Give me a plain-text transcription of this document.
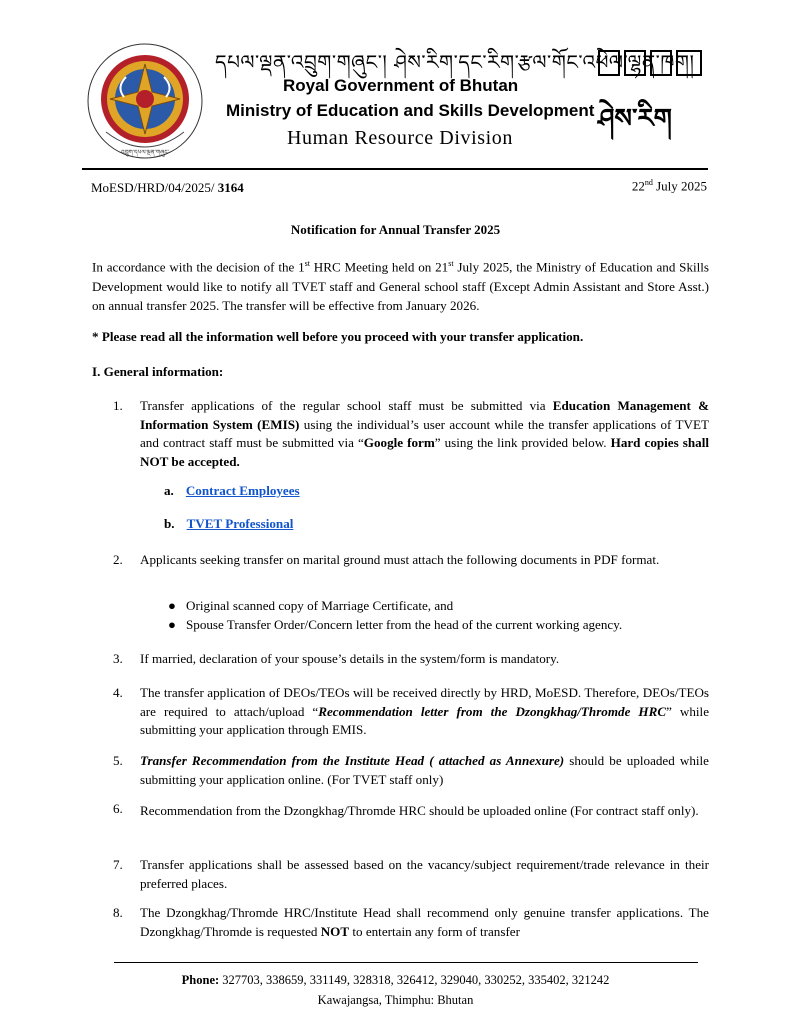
འབྲུག་དཔལ་ལྡན་གཞུང་
དཔལ་ལྡན་འབྲུག་གཞུང་། ཤེས་རིག་དང་རིག་རྩལ་གོང་འཕེལ་ལྷན་ཁག།
Royal Government of Bhutan
Ministry of Education and Skills Development
Human Resource Division
ཤེས་རིག
MoESD/HRD/04/2025/ 3164	22nd July 2025
Notification for Annual Transfer 2025
In accordance with the decision of the 1st HRC Meeting held on 21st July 2025, the Ministry of Education and Skills Development would like to notify all TVET staff and General school staff (Except Admin Assistant and Store Asst.) on annual transfer 2025. The transfer will be effective from January 2026.
* Please read all the information well before you proceed with your transfer application.
I. General information:
1. Transfer applications of the regular school staff must be submitted via Education Management & Information System (EMIS) using the individual’s user account while the transfer applications of TVET and contract staff must be submitted via “Google form” using the link provided below. Hard copies shall NOT be accepted.
a. Contract Employees
b. TVET Professional
2. Applicants seeking transfer on marital ground must attach the following documents in PDF format.
● Original scanned copy of Marriage Certificate, and
● Spouse Transfer Order/Concern letter from the head of the current working agency.
3. If married, declaration of your spouse’s details in the system/form is mandatory.
4. The transfer application of DEOs/TEOs will be received directly by HRD, MoESD. Therefore, DEOs/TEOs are required to attach/upload “Recommendation letter from the Dzongkhag/Thromde HRC” while submitting your application through EMIS.
5. Transfer Recommendation from the Institute Head ( attached as Annexure) should be uploaded while submitting your application online. (For TVET staff only)
6. Recommendation from the Dzongkhag/Thromde HRC should be uploaded online (For contract staff only).
7. Transfer applications shall be assessed based on the vacancy/subject requirement/trade relevance in their preferred places.
8. The Dzongkhag/Thromde HRC/Institute Head shall recommend only genuine transfer applications. The Dzongkhag/Thromde is requested NOT to entertain any form of transfer
Phone: 327703, 338659, 331149, 328318, 326412, 329040, 330252, 335402, 321242
Kawajangsa, Thimphu: Bhutan
